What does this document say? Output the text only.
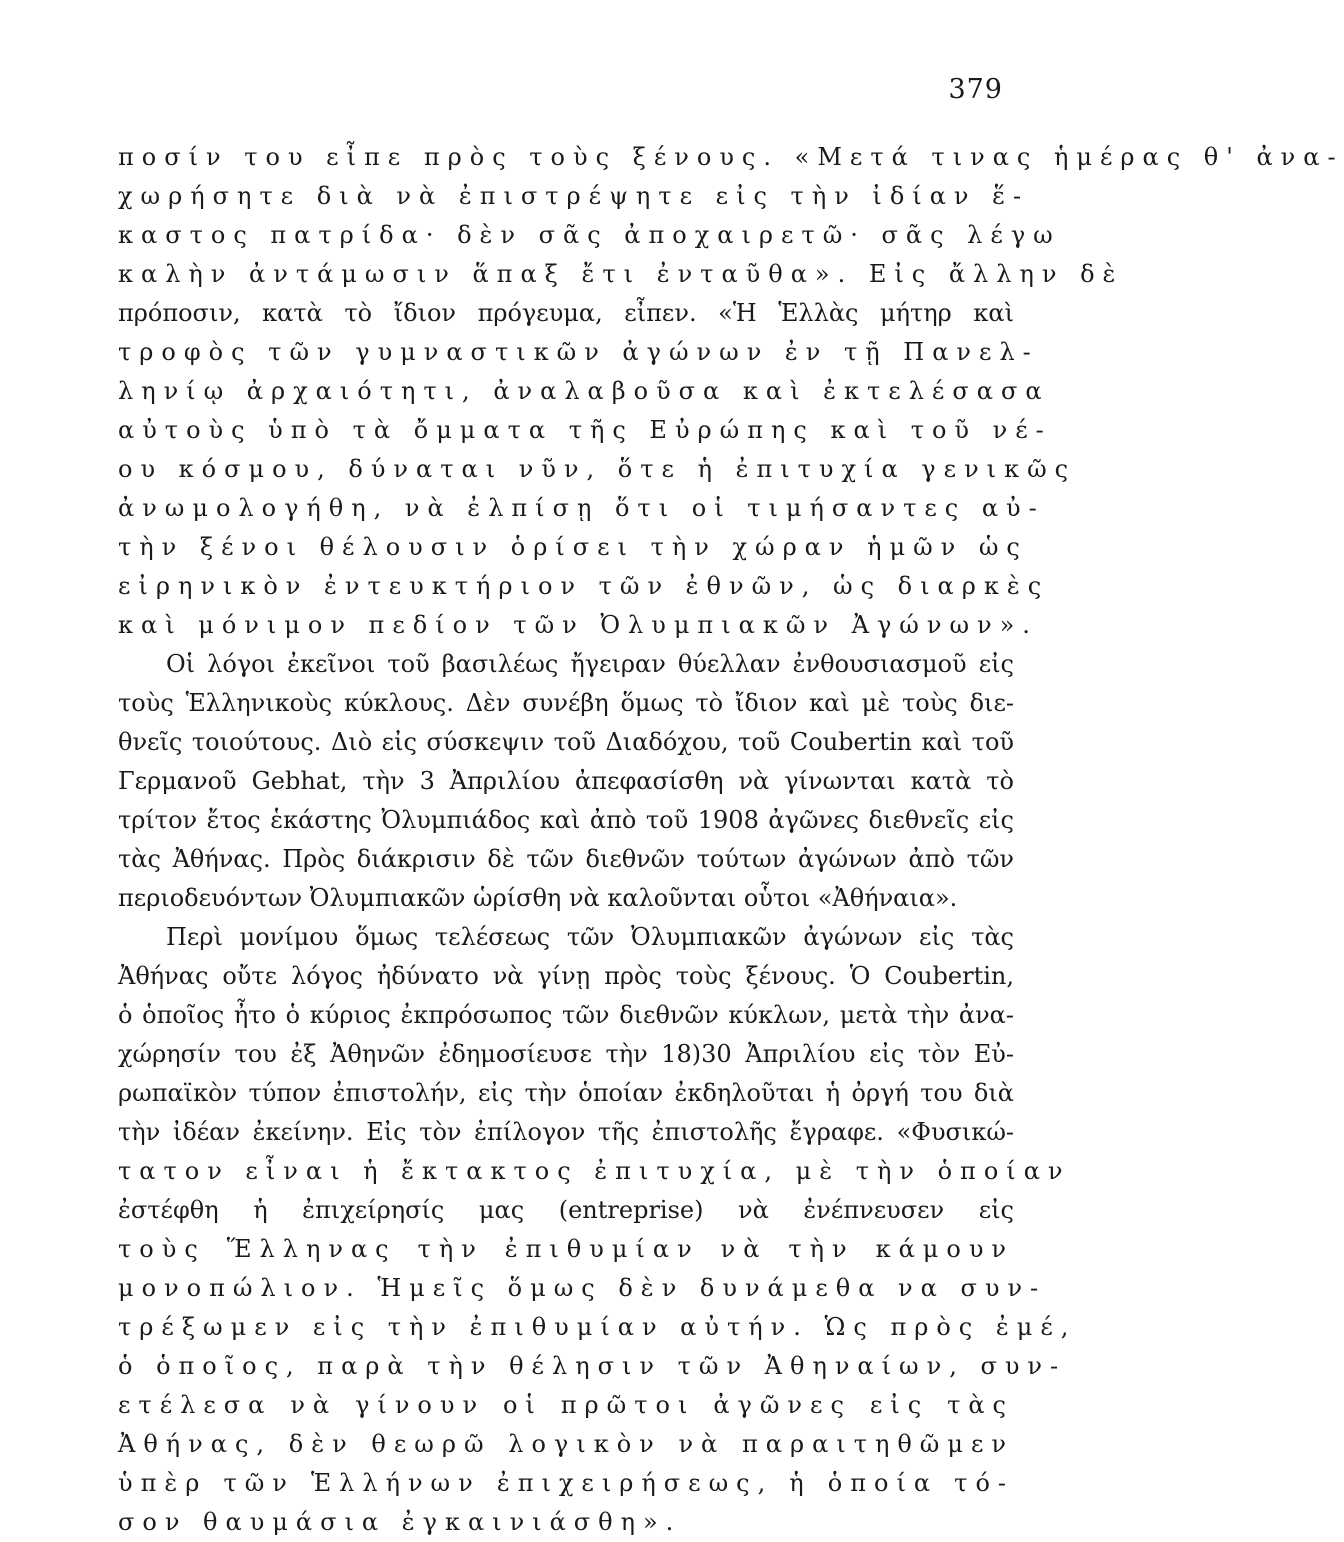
379
ποσίν του εἶπε πρὸς τοὺς ξένους. «Μετά τινας ἡμέρας θ' ἀνα-
χωρήσητε διὰ νὰ ἐπιστρέψητε εἰς τὴν ἰδίαν ἕ-
καστος πατρίδα· δὲν σᾶς ἀποχαιρετῶ· σᾶς λέγω
καλὴν ἀντάμωσιν ἅπαξ ἔτι ἐνταῦθα». Εἰς ἄλλην δὲ
πρόποσιν, κατὰ τὸ ἴδιον πρόγευμα, εἶπεν. «Ἡ Ἑλλὰς μήτηρ καὶ
τροφὸς τῶν γυμναστικῶν ἀγώνων ἐν τῇ Πανελ-
ληνίῳ ἀρχαιότητι, ἀναλαβοῦσα καὶ ἐκτελέσασα
αὐτοὺς ὑπὸ τὰ ὄμματα τῆς Εὐρώπης καὶ τοῦ νέ-
ου κόσμου, δύναται νῦν, ὅτε ἡ ἐπιτυχία γενικῶς
ἀνωμολογήθη, νὰ ἐλπίσῃ ὅτι οἱ τιμήσαντες αὐ-
τὴν ξένοι θέλουσιν ὁρίσει τὴν χώραν ἡμῶν ὡς
εἰρηνικὸν ἐντευκτήριον τῶν ἐθνῶν, ὡς διαρκὲς
καὶ μόνιμον πεδίον τῶν Ὀλυμπιακῶν Ἀγώνων».
Οἱ λόγοι ἐκεῖνοι τοῦ βασιλέως ἤγειραν θύελλαν ἐνθουσιασμοῦ εἰς
τοὺς Ἑλληνικοὺς κύκλους. Δὲν συνέβη ὅμως τὸ ἴδιον καὶ μὲ τοὺς διε-
θνεῖς τοιούτους. Διὸ εἰς σύσκεψιν τοῦ Διαδόχου, τοῦ Coubertin καὶ τοῦ
Γερμανοῦ Gebhat, τὴν 3 Ἀπριλίου ἀπεφασίσθη νὰ γίνωνται κατὰ τὸ
τρίτον ἔτος ἑκάστης Ὀλυμπιάδος καὶ ἀπὸ τοῦ 1908 ἀγῶνες διεθνεῖς εἰς
τὰς Ἀθήνας. Πρὸς διάκρισιν δὲ τῶν διεθνῶν τούτων ἀγώνων ἀπὸ τῶν
περιοδευόντων Ὀλυμπιακῶν ὡρίσθη νὰ καλοῦνται οὗτοι «Ἀθήναια».
Περὶ μονίμου ὅμως τελέσεως τῶν Ὀλυμπιακῶν ἀγώνων εἰς τὰς
Ἀθήνας οὔτε λόγος ἠδύνατο νὰ γίνῃ πρὸς τοὺς ξένους. Ὁ Coubertin,
ὁ ὁποῖος ἦτο ὁ κύριος ἐκπρόσωπος τῶν διεθνῶν κύκλων, μετὰ τὴν ἀνα-
χώρησίν του ἐξ Ἀθηνῶν ἐδημοσίευσε τὴν 18)30 Ἀπριλίου εἰς τὸν Εὐ-
ρωπαϊκὸν τύπον ἐπιστολήν, εἰς τὴν ὁποίαν ἐκδηλοῦται ἡ ὀργή του διὰ
τὴν ἰδέαν ἐκείνην. Εἰς τὸν ἐπίλογον τῆς ἐπιστολῆς ἔγραφε. «Φυσικώ-
τατον εἶναι ἡ ἔκτακτος ἐπιτυχία, μὲ τὴν ὁποίαν
ἐστέφθη ἡ ἐπιχείρησίς μας (entreprise) νὰ ἐνέπνευσεν εἰς
τοὺς Ἕλληνας τὴν ἐπιθυμίαν νὰ τὴν κάμουν
μονοπώλιον. Ἡμεῖς ὅμως δὲν δυνάμεθα να συν-
τρέξωμεν εἰς τὴν ἐπιθυμίαν αὐτήν. Ὡς πρὸς ἐμέ,
ὁ ὁποῖος, παρὰ τὴν θέλησιν τῶν Ἀθηναίων, συν-
ετέλεσα νὰ γίνουν οἱ πρῶτοι ἀγῶνες εἰς τὰς
Ἀθήνας, δὲν θεωρῶ λογικὸν νὰ παραιτηθῶμεν
ὑπὲρ τῶν Ἑλλήνων ἐπιχειρήσεως, ἡ ὁποία τό-
σον θαυμάσια ἐγκαινιάσθη».
